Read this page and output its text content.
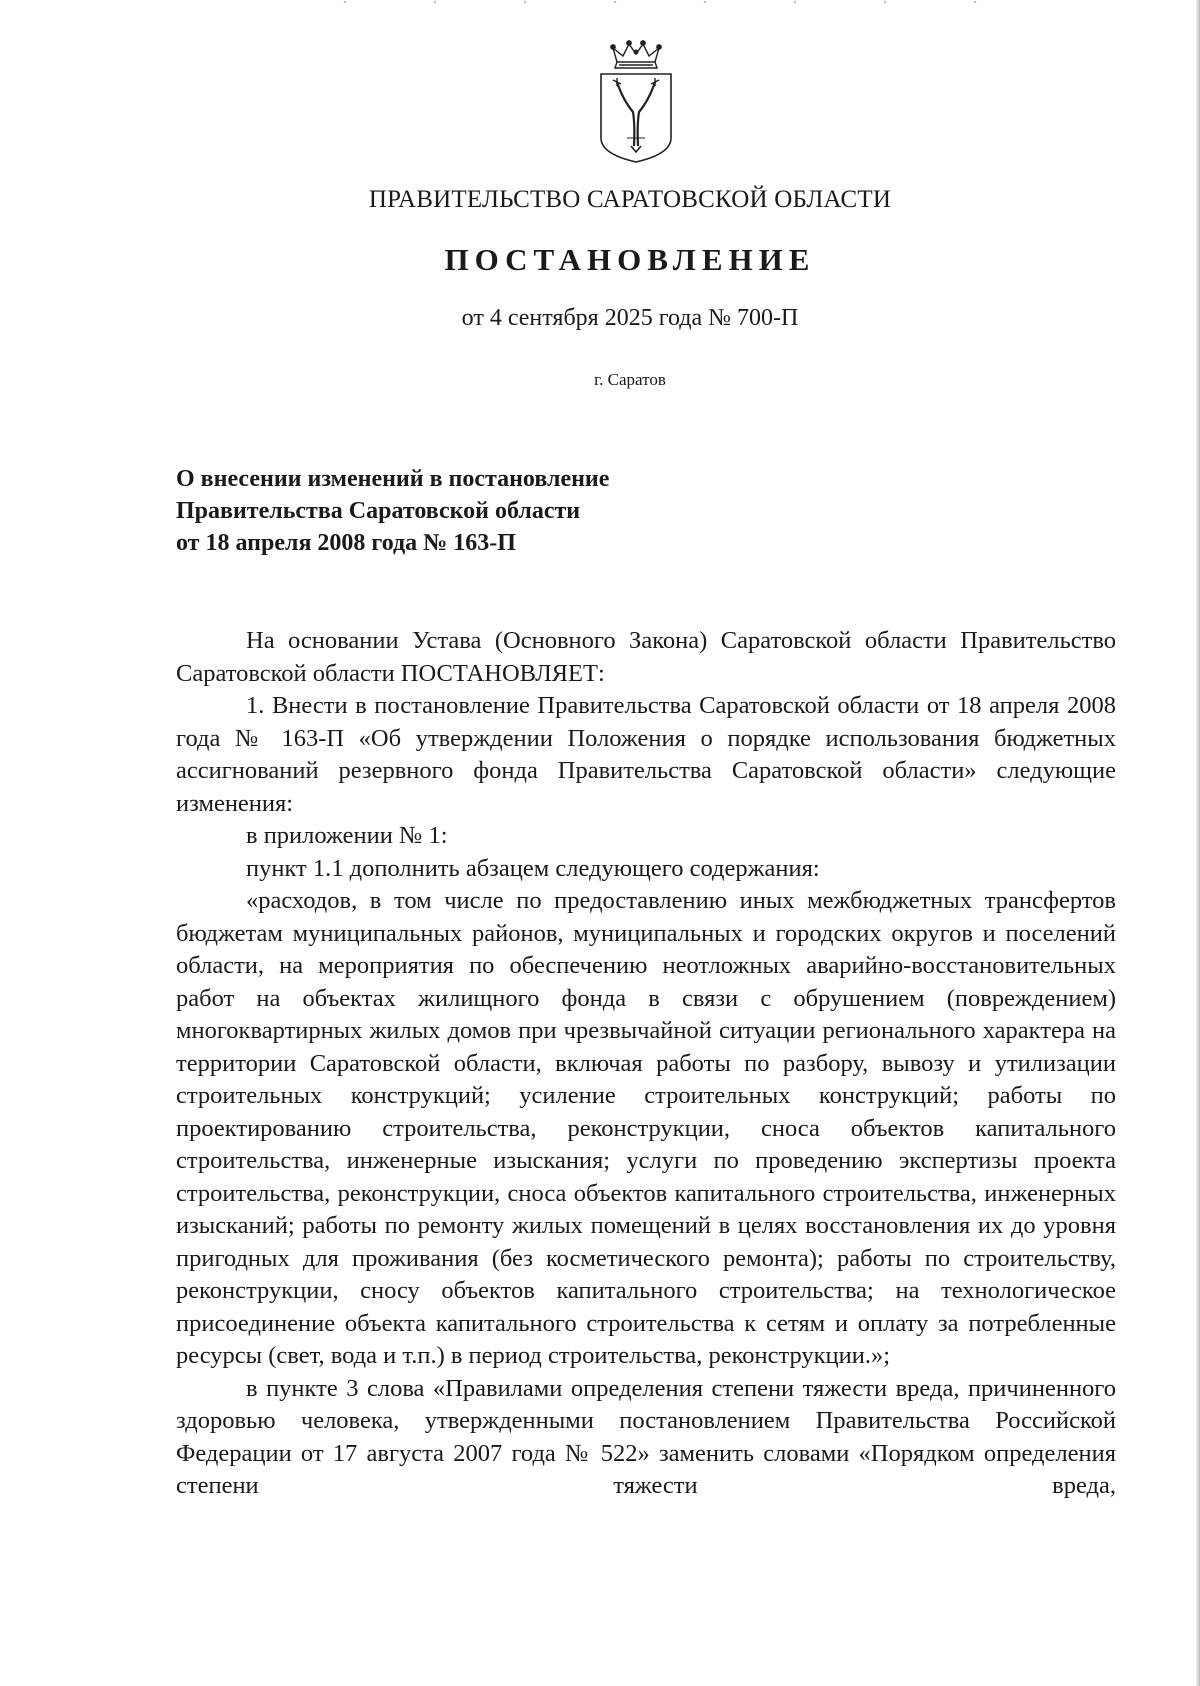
ПРАВИТЕЛЬСТВО САРАТОВСКОЙ ОБЛАСТИ
ПОСТАНОВЛЕНИЕ
от 4 сентября 2025 года № 700-П
г. Саратов
О внесении изменений в постановление
Правительства Саратовской области
от 18 апреля 2008 года № 163-П

На основании Устава (Основного Закона) Саратовской области Правительство Саратовской области ПОСТАНОВЛЯЕТ:

1. Внести в постановление Правительства Саратовской области от 18 апреля 2008 года № 163-П «Об утверждении Положения о порядке использования бюджетных ассигнований резервного фонда Правительства Саратовской области» следующие изменения:

в приложении № 1:

пункт 1.1 дополнить абзацем следующего содержания:

«расходов, в том числе по предоставлению иных межбюджетных трансфертов бюджетам муниципальных районов, муниципальных и городских округов и поселений области, на мероприятия по обеспечению неотложных аварийно-восстановительных работ на объектах жилищного фонда в связи с обрушением (повреждением) многоквартирных жилых домов при чрезвычайной ситуации регионального характера на территории Саратовской области, включая работы по разбору, вывозу и утилизации строительных конструкций; усиление строительных конструкций; работы по проектированию строительства, реконструкции, сноса объектов капитального строительства, инженерные изыскания; услуги по проведению экспертизы проекта строительства, реконструкции, сноса объектов капитального строительства, инженерных изысканий; работы по ремонту жилых помещений в целях восстановления их до уровня пригодных для проживания (без косметического ремонта); работы по строительству, реконструкции, сносу объектов капитального строительства; на технологическое присоединение объекта капитального строительства к сетям и оплату за потребленные ресурсы (свет, вода и т.п.) в период строительства, реконструкции.»;

в пункте 3 слова «Правилами определения степени тяжести вреда, причиненного здоровью человека, утвержденными постановлением Правительства Российской Федерации от 17 августа 2007 года № 522» заменить словами «Порядком определения степени тяжести вреда,
